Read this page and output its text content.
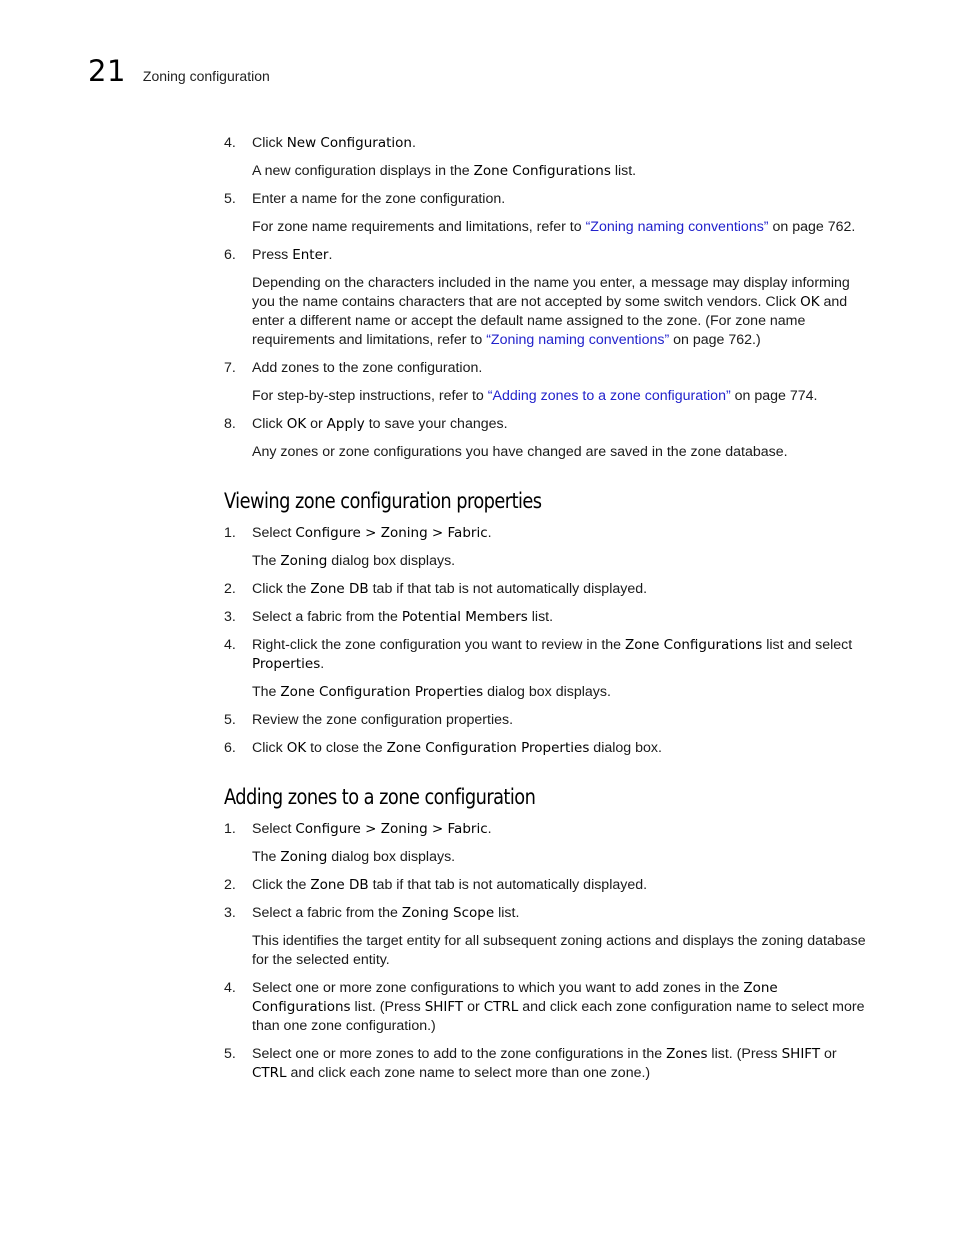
21 Zoning configuration
4. Click New Configuration.
A new configuration displays in the Zone Configurations list.
5. Enter a name for the zone configuration.
For zone name requirements and limitations, refer to “Zoning naming conventions” on page 762.
6. Press Enter.
Depending on the characters included in the name you enter, a message may display informing you the name contains characters that are not accepted by some switch vendors. Click OK and enter a different name or accept the default name assigned to the zone. (For zone name requirements and limitations, refer to “Zoning naming conventions” on page 762.)
7. Add zones to the zone configuration.
For step-by-step instructions, refer to “Adding zones to a zone configuration” on page 774.
8. Click OK or Apply to save your changes.
Any zones or zone configurations you have changed are saved in the zone database.
Viewing zone configuration properties
1. Select Configure > Zoning > Fabric.
The Zoning dialog box displays.
2. Click the Zone DB tab if that tab is not automatically displayed.
3. Select a fabric from the Potential Members list.
4. Right-click the zone configuration you want to review in the Zone Configurations list and select Properties.
The Zone Configuration Properties dialog box displays.
5. Review the zone configuration properties.
6. Click OK to close the Zone Configuration Properties dialog box.
Adding zones to a zone configuration
1. Select Configure > Zoning > Fabric.
The Zoning dialog box displays.
2. Click the Zone DB tab if that tab is not automatically displayed.
3. Select a fabric from the Zoning Scope list.
This identifies the target entity for all subsequent zoning actions and displays the zoning database for the selected entity.
4. Select one or more zone configurations to which you want to add zones in the Zone Configurations list. (Press SHIFT or CTRL and click each zone configuration name to select more than one zone configuration.)
5. Select one or more zones to add to the zone configurations in the Zones list. (Press SHIFT or CTRL and click each zone name to select more than one zone.)
